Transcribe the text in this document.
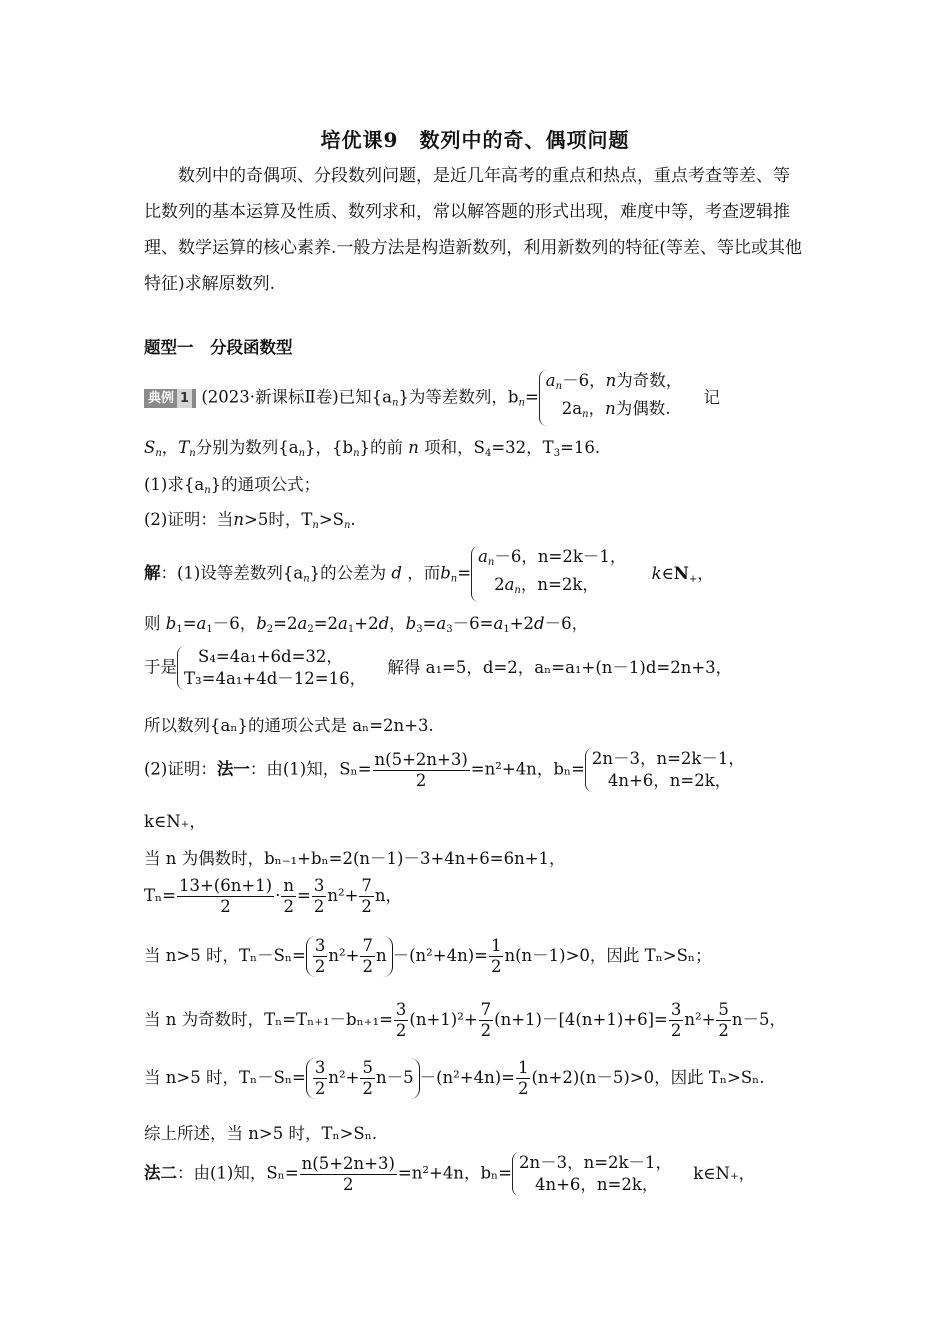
培优课9　数列中的奇、偶项问题

数列中的奇偶项、分段数列问题，是近几年高考的重点和热点，重点考查等差、等比数列的基本运算及性质、数列求和，常以解答题的形式出现，难度中等，考查逻辑推理、数学运算的核心素养.一般方法是构造新数列，利用新数列的特征(等差、等比或其他特征)求解原数列.

题型一　分段函数型
典例 1 (2023·新课标Ⅱ卷)已知$\{a_n\}$为等差数列，$b_n=$
$a_n-6$，n为奇数，
$2a_n$，n为偶数.
记
$S_n$，$T_n$分别为数列$\{a_n\}$，$\{b_n\}$的前 n 项和，$S_4=32$，$T_3=16$.
(1)求$\{a_n\}$的通项公式；
(2)证明：当n>5时，$T_n>S_n$.
解：(1)设等差数列$\{a_n\}$的公差为 d ，而$b_n=$
$a_n-6$，n=2k－1，
$2a_n$，n=2k，
$k\in N_+$，
则 $b_1=a_1-6$，$b_2=2a_2=2a_1+2d$，$b_3=a_3-6=a_1+2d-6$，
于是
S₄=4a₁+6d=32，
T₃=4a₁+4d－12=16，
解得 a₁=5，d=2，aₙ=a₁+(n－1)d=2n+3，
所以数列{aₙ}的通项公式是 aₙ=2n+3.
(2)证明：法一：由(1)知，$S_n= \frac{n(5+2n+3)}{2} =n^2+4n$，bₙ=
2n－3，n=2k－1，
4n+6，n=2k，
k∈N₊，
当 n 为偶数时，bₙ₋₁+bₙ=2(n－1)－3+4n+6=6n+1，
$T_n= \frac{13+(6n+1)}{2} \cdot \frac{n}{2} = \frac{3}{2} n^2+ \frac{7}{2}$ n，
当 n>5 时，$T_n-S_n= \frac{3}{2} n^2+ \frac{7}{2}$ $n -(n^2+4n)= \frac{1}{2} n(n-1)>0$，因此 Tₙ>Sₙ；
当 n 为奇数时，$T_n=T_{n+1}-b_{n+1}= \frac{3}{2} (n+1)^2+ \frac{7}{2} (n+1)-[4(n+1)+6]= \frac{3}{2} n^2+ \frac{5}{2} n-5$，
当 n>5 时，$T_n-S_n= \frac{3}{2} n^2+ \frac{5}{2} n-5 -(n^2+4n)= \frac{1}{2} (n+2)(n-5)>0$，因此 Tₙ>Sₙ.
综上所述，当 n>5 时，Tₙ>Sₙ.
法二：由(1)知，$S_n= \frac{n(5+2n+3)}{2} =n^2+4n$，bₙ=
2n－3，n=2k－1，
4n+6，n=2k，
k∈N₊，
